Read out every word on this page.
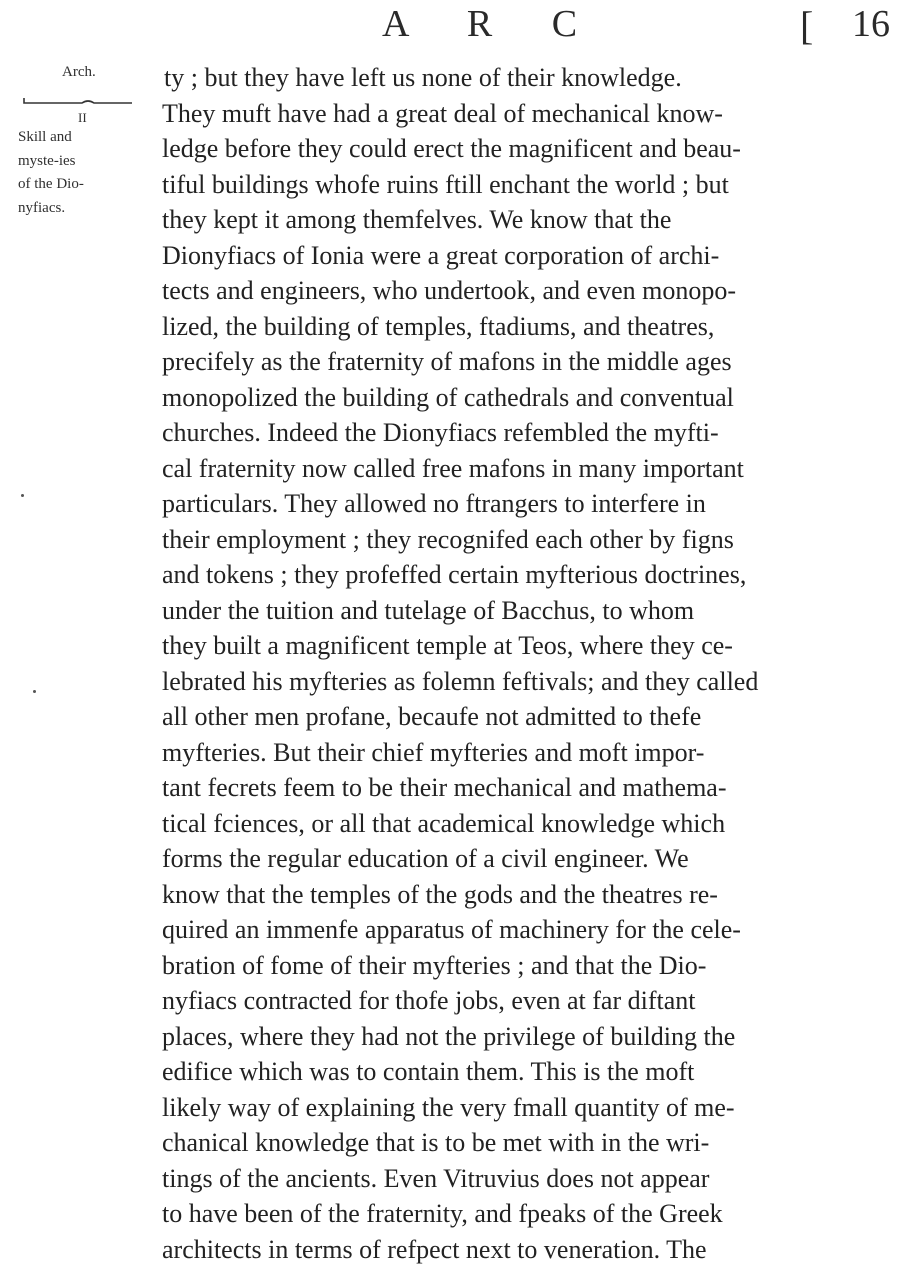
A R C	[ 16
Arch.
II
Skill and
myste-ies
of the Dio-
nyfiacs.
ty ; but they have left us none of their knowledge.
They muft have had a great deal of mechanical know-
ledge before they could erect the magnificent and beau-
tiful buildings whofe ruins ftill enchant the world ; but
they kept it among themfelves. We know that the
Dionyfiacs of Ionia were a great corporation of archi-
tects and engineers, who undertook, and even monopo-
lized, the building of temples, ftadiums, and theatres,
precifely as the fraternity of mafons in the middle ages
monopolized the building of cathedrals and conventual
churches. Indeed the Dionyfiacs refembled the myfti-
cal fraternity now called free mafons in many important
particulars. They allowed no ftrangers to interfere in
their employment ; they recognifed each other by figns
and tokens ; they profeffed certain myfterious doctrines,
under the tuition and tutelage of Bacchus, to whom
they built a magnificent temple at Teos, where they ce-
lebrated his myfteries as folemn feftivals; and they called
all other men profane, becaufe not admitted to thefe
myfteries. But their chief myfteries and moft impor-
tant fecrets feem to be their mechanical and mathema-
tical fciences, or all that academical knowledge which
forms the regular education of a civil engineer. We
know that the temples of the gods and the theatres re-
quired an immenfe apparatus of machinery for the cele-
bration of fome of their myfteries ; and that the Dio-
nyfiacs contracted for thofe jobs, even at far diftant
places, where they had not the privilege of building the
edifice which was to contain them. This is the moft
likely way of explaining the very fmall quantity of me-
chanical knowledge that is to be met with in the wri-
tings of the ancients. Even Vitruvius does not appear
to have been of the fraternity, and fpeaks of the Greek
architects in terms of refpect next to veneration. The
